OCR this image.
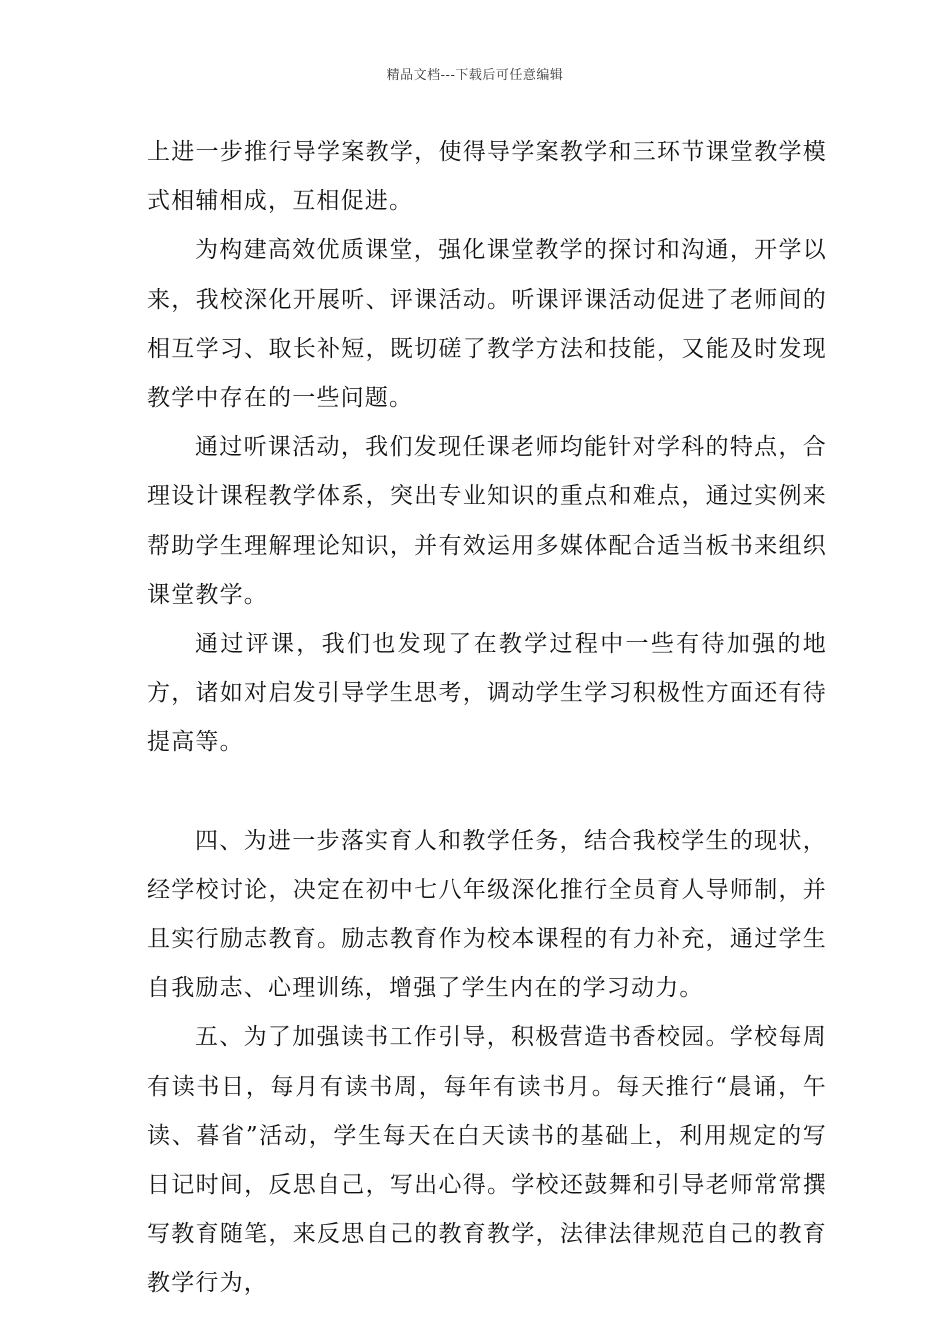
精品文档---下载后可任意编辑

上进一步推行导学案教学，使得导学案教学和三环节课堂教学模式相辅相成，互相促进。

为构建高效优质课堂，强化课堂教学的探讨和沟通，开学以来，我校深化开展听、评课活动。听课评课活动促进了老师间的相互学习、取长补短，既切磋了教学方法和技能，又能及时发现教学中存在的一些问题。

通过听课活动，我们发现任课老师均能针对学科的特点，合理设计课程教学体系，突出专业知识的重点和难点，通过实例来帮助学生理解理论知识，并有效运用多媒体配合适当板书来组织课堂教学。

通过评课，我们也发现了在教学过程中一些有待加强的地方，诸如对启发引导学生思考，调动学生学习积极性方面还有待提高等。

四、为进一步落实育人和教学任务，结合我校学生的现状，经学校讨论，决定在初中七八年级深化推行全员育人导师制，并且实行励志教育。励志教育作为校本课程的有力补充，通过学生自我励志、心理训练，增强了学生内在的学习动力。

五、为了加强读书工作引导，积极营造书香校园。学校每周有读书日，每月有读书周，每年有读书月。每天推行“晨诵，午读、暮省”活动，学生每天在白天读书的基础上，利用规定的写日记时间，反思自己，写出心得。学校还鼓舞和引导老师常常撰写教育随笔，来反思自己的教育教学，法律法律规范自己的教育教学行为，
